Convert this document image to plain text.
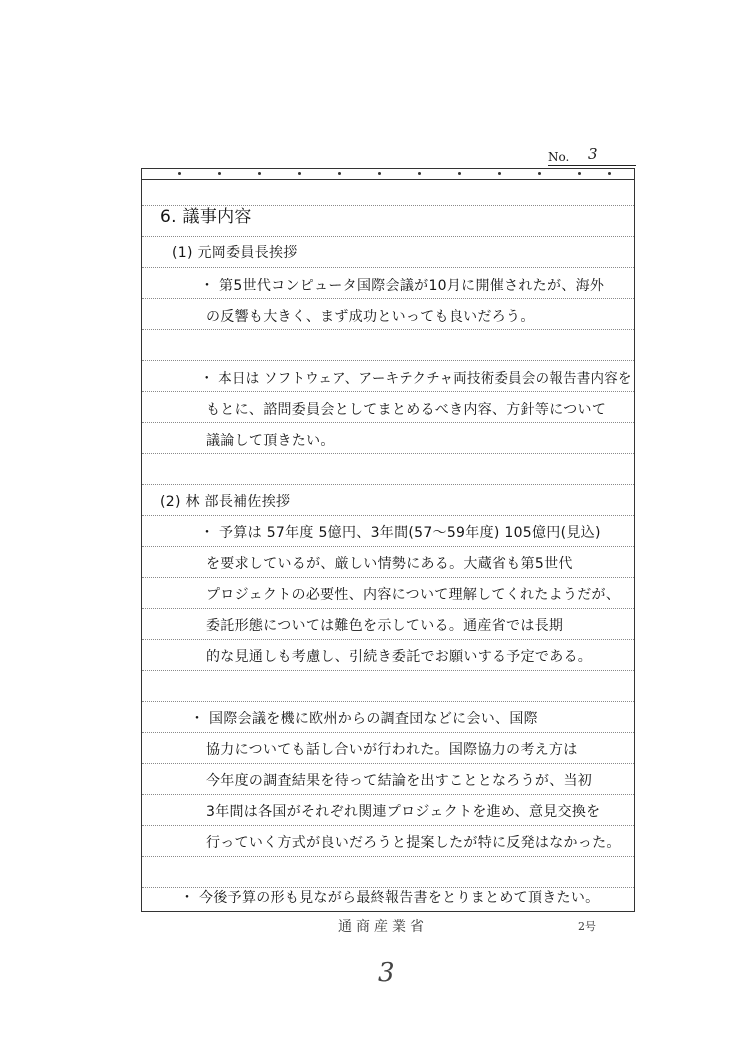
No. 3
6. 議事内容
(1) 元岡委員長挨拶
・ 第5世代コンピュータ国際会議が10月に開催されたが、海外
の反響も大きく、まず成功といっても良いだろう。
・ 本日は ソフトウェア、アーキテクチャ両技術委員会の報告書内容を
もとに、諮問委員会としてまとめるべき内容、方針等について
議論して頂きたい。
(2) 林 部長補佐挨拶
・ 予算は 57年度 5億円、3年間(57〜59年度) 105億円(見込)
を要求しているが、厳しい情勢にある。大蔵省も第5世代
プロジェクトの必要性、内容について理解してくれたようだが、
委託形態については難色を示している。通産省では長期
的な見通しも考慮し、引続き委託でお願いする予定である。
・ 国際会議を機に欧州からの調査団などに会い、国際
協力についても話し合いが行われた。国際協力の考え方は
今年度の調査結果を待って結論を出すこととなろうが、当初
3年間は各国がそれぞれ関連プロジェクトを進め、意見交換を
行っていく方式が良いだろうと提案したが特に反発はなかった。
・ 今後予算の形も見ながら最終報告書をとりまとめて頂きたい。
通商産業省	2号
3
